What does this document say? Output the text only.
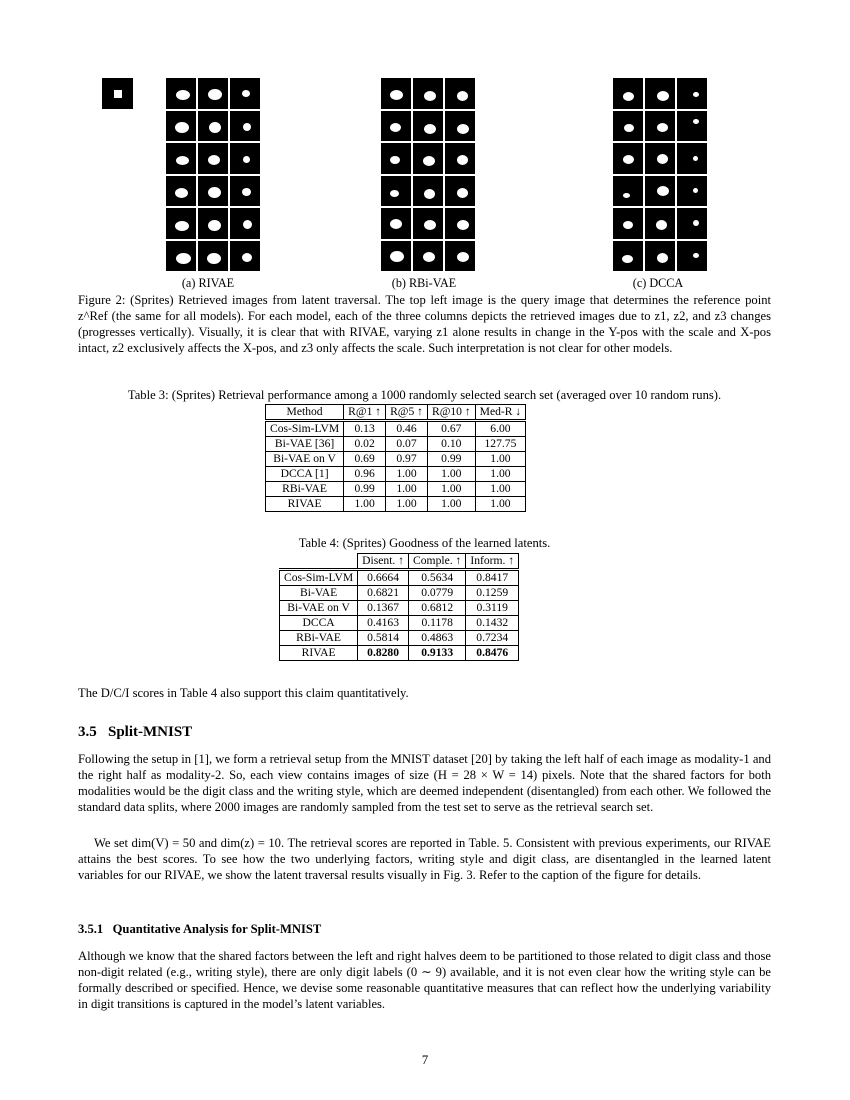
(a) RIVAE	(b) RBi-VAE	(c) DCCA
Figure 2: (Sprites) Retrieved images from latent traversal. The top left image is the query image that determines the reference point z^Ref (the same for all models). For each model, each of the three columns depicts the retrieved images due to z1, z2, and z3 changes (progresses vertically). Visually, it is clear that with RIVAE, varying z1 alone results in change in the Y-pos with the scale and X-pos intact, z2 exclusively affects the X-pos, and z3 only affects the scale. Such interpretation is not clear for other models.
Table 3: (Sprites) Retrieval performance among a 1000 randomly selected search set (averaged over 10 random runs).
Method	R@1 ↑	R@5 ↑	R@10 ↑	Med-R ↓
Cos-Sim-LVM	0.13	0.46	0.67	6.00
Bi-VAE [36]	0.02	0.07	0.10	127.75
Bi-VAE on V	0.69	0.97	0.99	1.00
DCCA [1]	0.96	1.00	1.00	1.00
RBi-VAE	0.99	1.00	1.00	1.00
RIVAE	1.00	1.00	1.00	1.00
Table 4: (Sprites) Goodness of the learned latents.
	Disent. ↑	Comple. ↑	Inform. ↑
Cos-Sim-LVM	0.6664	0.5634	0.8417
Bi-VAE	0.6821	0.0779	0.1259
Bi-VAE on V	0.1367	0.6812	0.3119
DCCA	0.4163	0.1178	0.1432
RBi-VAE	0.5814	0.4863	0.7234
RIVAE	0.8280	0.9133	0.8476
The D/C/I scores in Table 4 also support this claim quantitatively.
3.5 Split-MNIST
Following the setup in [1], we form a retrieval setup from the MNIST dataset [20] by taking the left half of each image as modality-1 and the right half as modality-2. So, each view contains images of size (H = 28 × W = 14) pixels. Note that the shared factors for both modalities would be the digit class and the writing style, which are deemed independent (disentangled) from each other. We followed the standard data splits, where 2000 images are randomly sampled from the test set to serve as the retrieval search set.
We set dim(V) = 50 and dim(z) = 10. The retrieval scores are reported in Table. 5. Consistent with previous experiments, our RIVAE attains the best scores. To see how the two underlying factors, writing style and digit class, are disentangled in the learned latent variables for our RIVAE, we show the latent traversal results visually in Fig. 3. Refer to the caption of the figure for details.
3.5.1 Quantitative Analysis for Split-MNIST
Although we know that the shared factors between the left and right halves deem to be partitioned to those related to digit class and those non-digit related (e.g., writing style), there are only digit labels (0 ∼ 9) available, and it is not even clear how the writing style can be formally described or specified. Hence, we devise some reasonable quantitative measures that can reflect how the underlying variability in digit transitions is captured in the model’s latent variables.
7
